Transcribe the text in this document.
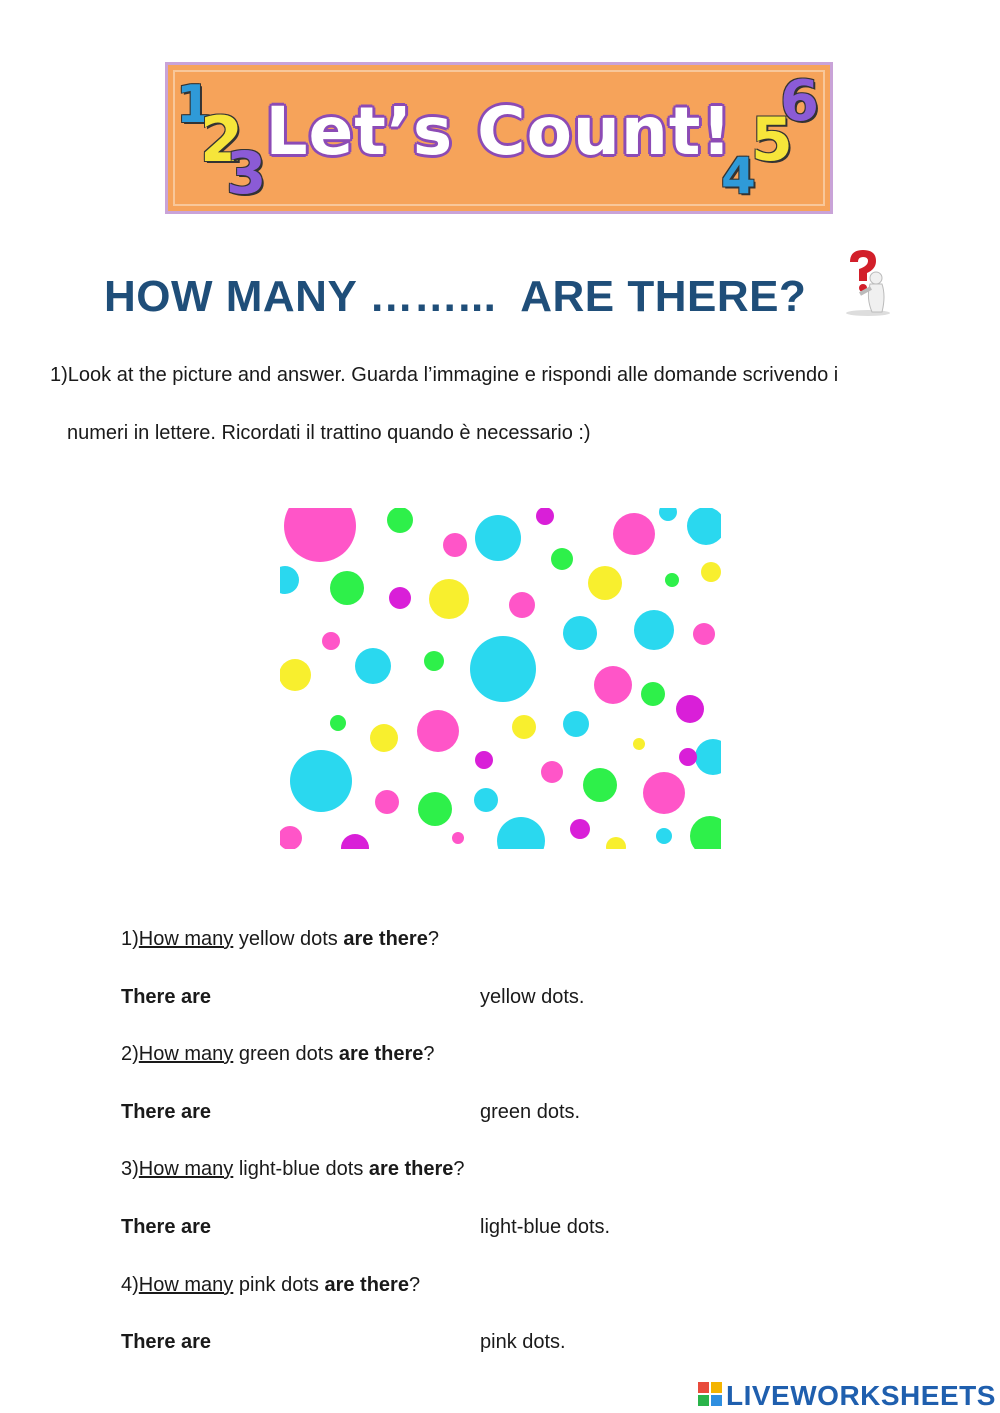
1
2
3
Let’s Count!
4
5
6
HOW MANY ……...  ARE THERE?
1)Look at the picture and answer. Guarda l’immagine e rispondi alle domande scrivendo i
numeri in lettere. Ricordati il trattino quando è necessario :)
1)How many yellow dots are there?
There are	yellow dots.
2)How many green dots are there?
There are	green dots.
3)How many light-blue dots are there?
There are	light-blue dots.
4)How many pink dots are there?
There are	pink dots.
LIVEWORKSHEETS
